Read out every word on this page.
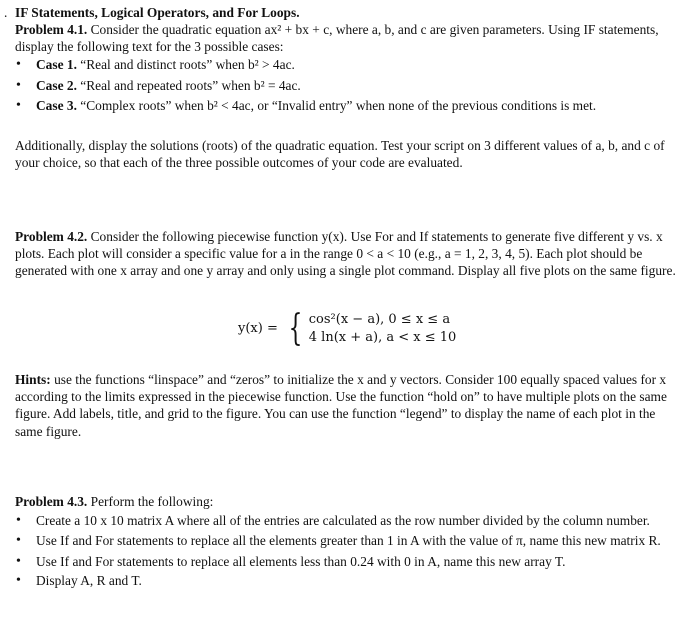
. IF Statements, Logical Operators, and For Loops.

Problem 4.1. Consider the quadratic equation ax² + bx + c, where a, b, and c are given parameters. Using IF statements, display the following text for the 3 possible cases:

• Case 1. “Real and distinct roots” when b² > 4ac.
• Case 2. “Real and repeated roots” when b² = 4ac.
• Case 3. “Complex roots” when b² < 4ac, or “Invalid entry” when none of the previous conditions is met.

Additionally, display the solutions (roots) of the quadratic equation. Test your script on 3 different values of a, b, and c of your choice, so that each of the three possible outcomes of your code are evaluated.

Problem 4.2. Consider the following piecewise function y(x). Use For and If statements to generate five different y vs. x plots. Each plot will consider a specific value for a in the range 0 < a < 10 (e.g., a = 1, 2, 3, 4, 5). Each plot should be generated with one x array and one y array and only using a single plot command. Display all five plots on the same figure.

y(x) = { cos²(x − a), 0 ≤ x ≤ a
4 ln(x + a), a < x ≤ 10

Hints: use the functions “linspace” and “zeros” to initialize the x and y vectors. Consider 100 equally spaced values for x according to the limits expressed in the piecewise function. Use the function “hold on” to have multiple plots on the same figure. Add labels, title, and grid to the figure. You can use the function “legend” to display the name of each plot in the same figure.

Problem 4.3. Perform the following:

• Create a 10 x 10 matrix A where all of the entries are calculated as the row number divided by the column number.
• Use If and For statements to replace all the elements greater than 1 in A with the value of π, name this new matrix R.
• Use If and For statements to replace all elements less than 0.24 with 0 in A, name this new array T.
• Display A, R and T.
